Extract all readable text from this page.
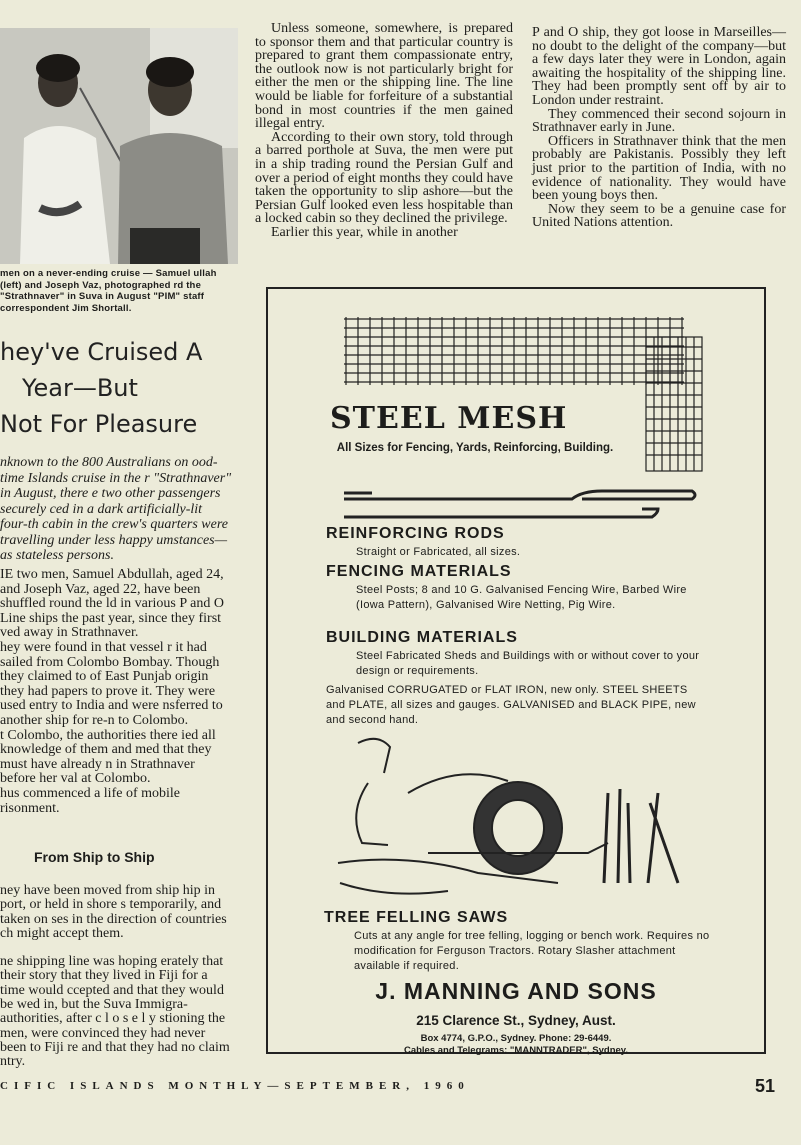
men on a never-ending cruise — Samuel ullah (left) and Joseph Vaz, photographed rd the "Strathnaver" in Suva in August "PIM" staff correspondent Jim Shortall.

hey've Cruised A
Year—But
Not For Pleasure

nknown to the 800 Australians on ood-time Islands cruise in the r "Strathnaver" in August, there e two other passengers securely ced in a dark artificially-lit four-th cabin in the crew's quarters were travelling under less happy umstances—as stateless persons.

IE two men, Samuel Abdullah, aged 24, and Joseph Vaz, aged 22, have been shuffled round the ld in various P and O Line ships the past year, since they first ved away in Strathnaver.

hey were found in that vessel r it had sailed from Colombo Bombay. Though they claimed to of East Punjab origin they had papers to prove it. They were used entry to India and were nsferred to another ship for re-n to Colombo.

t Colombo, the authorities there ied all knowledge of them and med that they must have already n in Strathnaver before her val at Colombo.

hus commenced a life of mobile risonment.

From Ship to Ship

ney have been moved from ship hip in port, or held in shore s temporarily, and taken on ses in the direction of countries ch might accept them.

ne shipping line was hoping erately that their story that they lived in Fiji for a time would ccepted and that they would be wed in, but the Suva Immigra- authorities, after c l o s e l y stioning the men, were convinced they had never been to Fiji re and that they had no claim ntry.

Unless someone, somewhere, is prepared to sponsor them and that particular country is prepared to grant them compassionate entry, the outlook now is not particularly bright for either the men or the shipping line. The line would be liable for forfeiture of a substantial bond in most countries if the men gained illegal entry.

According to their own story, told through a barred porthole at Suva, the men were put in a ship trading round the Persian Gulf and over a period of eight months they could have taken the opportunity to slip ashore—but the Persian Gulf looked even less hospitable than a locked cabin so they declined the privilege.

Earlier this year, while in another

P and O ship, they got loose in Marseilles—no doubt to the delight of the company—but a few days later they were in London, again awaiting the hospitality of the shipping line. They had been promptly sent off by air to London under restraint.

They commenced their second sojourn in Strathnaver early in June.

Officers in Strathnaver think that the men probably are Pakistanis. Possibly they left just prior to the partition of India, with no evidence of nationality. They would have been young boys then.

Now they seem to be a genuine case for United Nations attention.

STEEL MESH

All Sizes for Fencing, Yards, Reinforcing, Building.

REINFORCING RODS

Straight or Fabricated, all sizes.

FENCING MATERIALS

Steel Posts; 8 and 10 G. Galvanised Fencing Wire, Barbed Wire (Iowa Pattern), Galvanised Wire Netting, Pig Wire.

BUILDING MATERIALS

Steel Fabricated Sheds and Buildings with or without cover to your design or requirements.

Galvanised CORRUGATED or FLAT IRON, new only. STEEL SHEETS and PLATE, all sizes and gauges. GALVANISED and BLACK PIPE, new and second hand.

TREE FELLING SAWS

Cuts at any angle for tree felling, logging or bench work. Requires no modification for Ferguson Tractors. Rotary Slasher attachment available if required.

J. MANNING AND SONS

215 Clarence St., Sydney, Aust.

Box 4774, G.P.O., Sydney. Phone: 29-6449.
Cables and Telegrams: "MANNTRADER", Sydney.

CIFIC ISLANDS MONTHLY—SEPTEMBER, 1960	51
